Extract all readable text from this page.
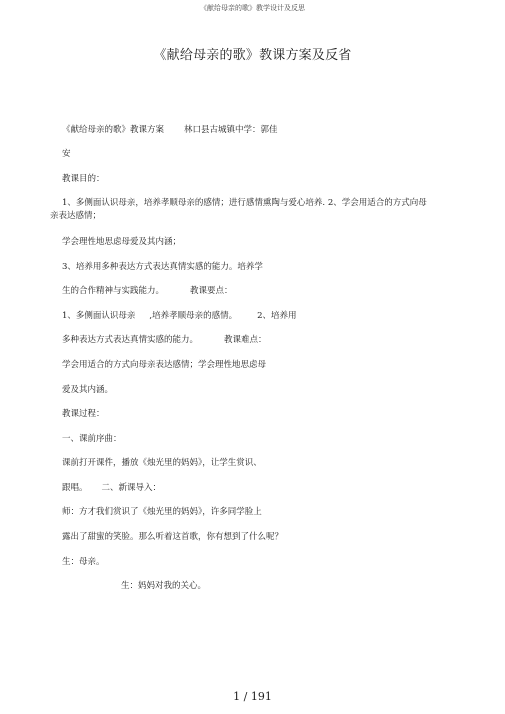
《献给母亲的歌》教学设计及反思
《献给母亲的歌》教课方案及反省
《献给母亲的歌》教课方案 林口县古城镇中学：郭佳
安
教课目的：
1、多侧面认识母亲，培养孝顺母亲的感情；进行感情熏陶与爱心培养. 2、学会用适合的方式向母
亲表达感情；
学会理性地思虑母爱及其内涵；
3、培养用多种表达方式表达真情实感的能力。培养学
生的合作精神与实践能力。	教课要点：
1、多侧面认识母亲 ,培养孝顺母亲的感情。 2、培养用
多种表达方式表达真情实感的能力。	教课难点：
学会用适合的方式向母亲表达感情；学会理性地思虑母
爱及其内涵。
教课过程：
一、课前序曲：
课前打开课件，播放《烛光里的妈妈》，让学生赏识、
跟唱。 二、新课导入：
师：方才我们赏识了《烛光里的妈妈》，许多同学脸上
露出了甜蜜的笑脸。那么听着这首歌，你有想到了什么呢？
生：母亲。
生：妈妈对我的关心。
1 / 191
